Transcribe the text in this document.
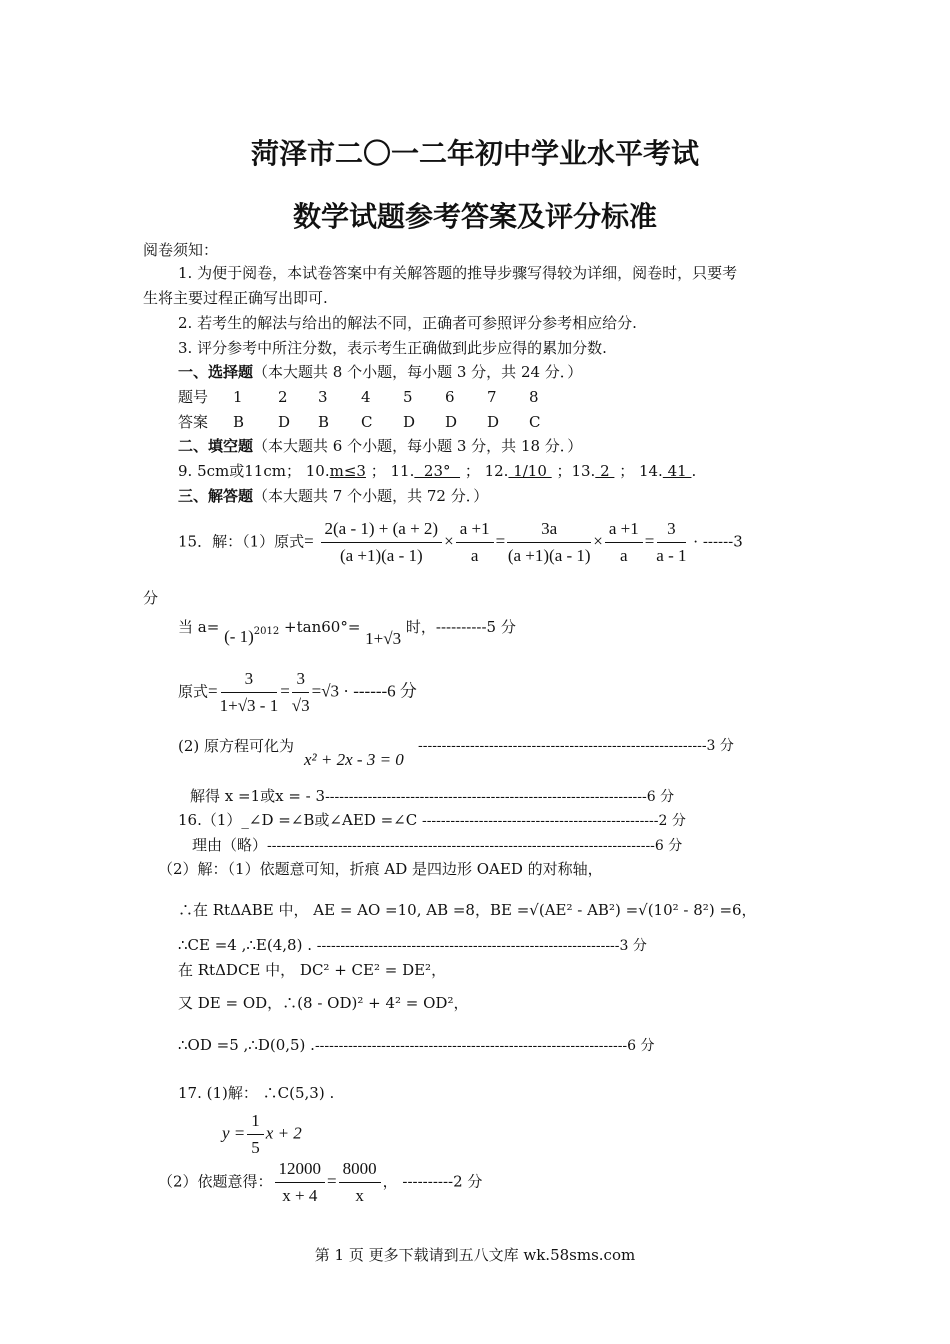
菏泽市二〇一二年初中学业水平考试
数学试题参考答案及评分标准
阅卷须知：
1. 为便于阅卷，本试卷答案中有关解答题的推导步骤写得较为详细，阅卷时，只要考
生将主要过程正确写出即可.
2. 若考生的解法与给出的解法不同，正确者可参照评分参考相应给分.
3. 评分参考中所注分数，表示考生正确做到此步应得的累加分数.
一、选择题（本大题共 8 个小题，每小题 3 分，共 24 分．）
题号
答案
1
B
2
D
3
B
4
C
5
D
6
D
7
D
8
C
二、填空题（本大题共 6 个小题，每小题 3 分，共 18 分．）
9. 5cm或11cm； 10.m≤3 ； 11.  23°   ； 12. 1/10  ；13. 2  ； 14. 41 .
三、解答题（本大题共 7 个小题，共 72 分．）
15．解：（1）原式= $\frac{2(a - 1) + (a + 2)}{(a +1)(a - 1)} \times \frac{a +1}{a} = \frac{3a}{(a +1)(a - 1)} \times \frac{a +1}{a} = \frac{3}{a - 1} \cdot ------3$
分
当 a= (- 1)$^{2012}$ +tan60°= 1+√3 时，----------5 分
原式= $\frac{3}{1+√3 - 1} = \frac{3}{√3} =√3 \cdot ------6$ 分
(2) 原方程可化为
x² + 2x - 3 = 0
-------------------------------------------------------------3 分
解得 x =1或x = - 3--------------------------------------------------------------------6 分
16.（1）_∠D =∠B或∠AED =∠C --------------------------------------------------2 分
理由（略）----------------------------------------------------------------------------------6 分
（2）解：（1）依题意可知，折痕 AD 是四边形 OAED 的对称轴，
∴在 RtΔABE 中， AE = AO =10, AB =8，BE =√(AE² - AB²) =√(10² - 8²) =6，
∴CE =4 ,∴E(4,8) . ----------------------------------------------------------------3 分
在 RtΔDCE 中， DC² + CE² = DE²，
又 DE = OD，∴(8 - OD)² + 4² = OD²，
∴OD =5 ,∴D(0,5) .------------------------------------------------------------------6 分
17. (1)解： ∴C(5,3) .
$y = \frac{1}{5}$ x + 2
（2）依题意得： $\frac{12000}{x + 4} = \frac{8000}{x}$ ， ----------2 分
第 1 页 更多下载请到五八文库 wk.58sms.com
